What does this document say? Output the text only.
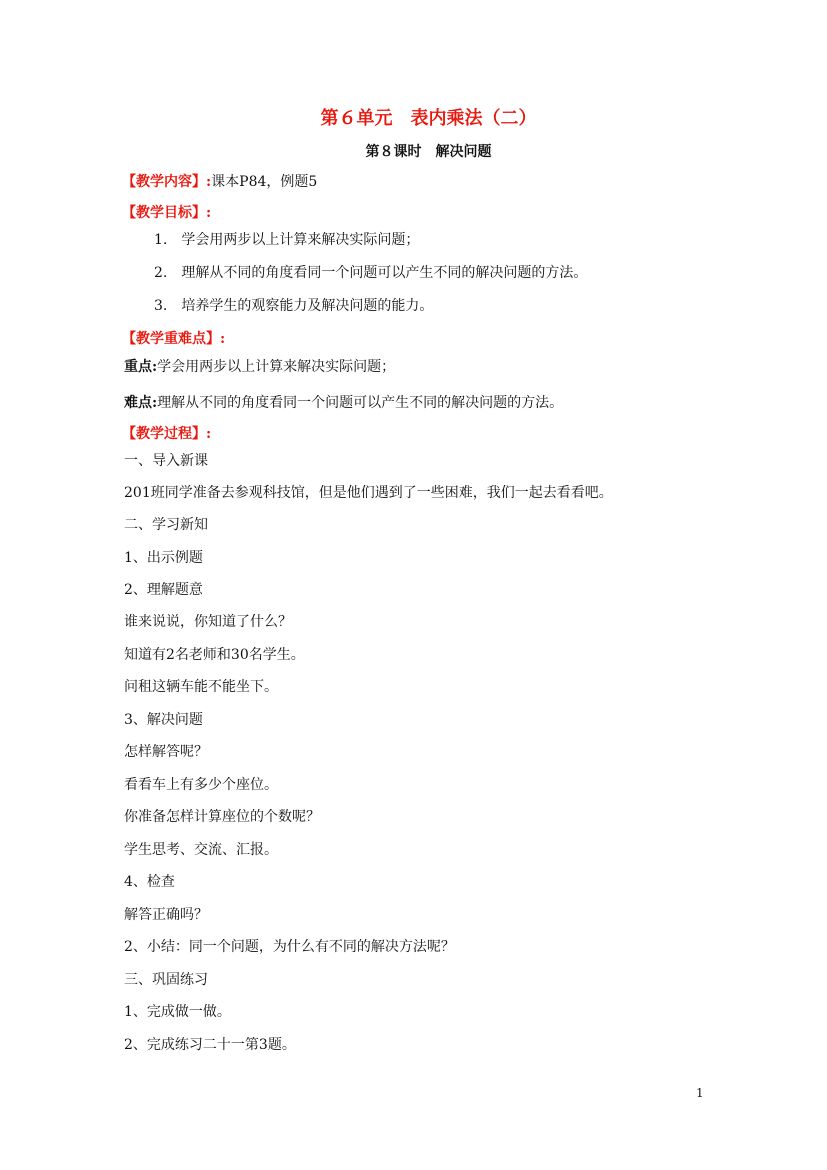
第６单元　表内乘法（二）
第８课时　解决问题
【教学内容】:课本P84，例题5
【教学目标】:
1.　学会用两步以上计算来解决实际问题；
2.　理解从不同的角度看同一个问题可以产生不同的解决问题的方法。
3.　培养学生的观察能力及解决问题的能力。
【教学重难点】:
重点:学会用两步以上计算来解决实际问题；
难点:理解从不同的角度看同一个问题可以产生不同的解决问题的方法。
【教学过程】:
一、导入新课
201班同学准备去参观科技馆，但是他们遇到了一些困难，我们一起去看看吧。
二、学习新知
1、出示例题
2、理解题意
谁来说说，你知道了什么？
知道有2名老师和30名学生。
问租这辆车能不能坐下。
3、解决问题
怎样解答呢？
看看车上有多少个座位。
你准备怎样计算座位的个数呢？
学生思考、交流、汇报。
4、检查
解答正确吗？
2、小结：同一个问题，为什么有不同的解决方法呢？
三、巩固练习
1、完成做一做。
2、完成练习二十一第3题。
1
